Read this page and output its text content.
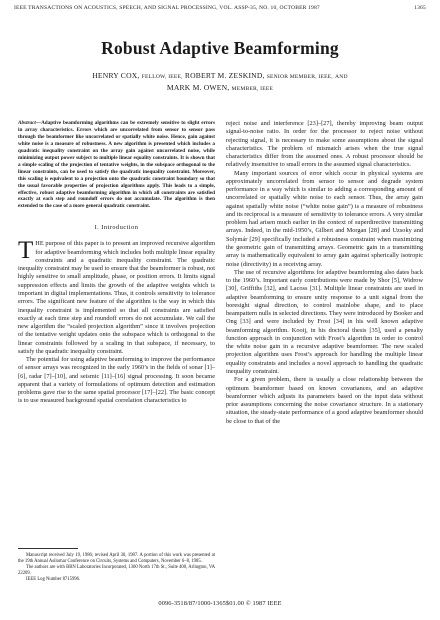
IEEE TRANSACTIONS ON ACOUSTICS, SPEECH, AND SIGNAL PROCESSING, VOL. ASSP-35, NO. 10, OCTOBER 1987	1365
Robust Adaptive Beamforming
HENRY COX, FELLOW, IEEE, ROBERT M. ZESKIND, SENIOR MEMBER, IEEE, AND
MARK M. OWEN, MEMBER, IEEE

Abstract—Adaptive beamforming algorithms can be extremely sensitive to slight errors in array characteristics. Errors which are uncorrelated from sensor to sensor pass through the beamformer like uncorrelated or spatially white noise. Hence, gain against white noise is a measure of robustness. A new algorithm is presented which includes a quadratic inequality constraint on the array gain against uncorrelated noise, while minimizing output power subject to multiple linear equality constraints. It is shown that a simple scaling of the projection of tentative weights, in the subspace orthogonal to the linear constraints, can be used to satisfy the quadratic inequality constraint. Moreover, this scaling is equivalent to a projection onto the quadratic constraint boundary so that the usual favorable properties of projection algorithms apply. This leads to a simple, effective, robust adaptive beamforming algorithm in which all constraints are satisfied exactly at each step and roundoff errors do not accumulate. The algorithm is then extended to the case of a more general quadratic constraint.

I. Introduction

THE purpose of this paper is to present an improved recursive algorithm for adaptive beamforming which includes both multiple linear equality constraints and a quadratic inequality constraint. The quadratic inequality constraint may be used to ensure that the beamformer is robust, not highly sensitive to small amplitude, phase, or position errors. It limits signal suppression effects and limits the growth of the adaptive weights which is important in digital implementations. Thus, it controls sensitivity to tolerance errors. The significant new feature of the algorithm is the way in which this inequality constraint is implemented so that all constraints are satisfied exactly at each time step and roundoff errors do not accumulate. We call the new algorithm the “scaled projection algorithm” since it involves projection of the tentative weight updates onto the subspace which is orthogonal to the linear constraints followed by a scaling in that subspace, if necessary, to satisfy the quadratic inequality constraint.

The potential for using adaptive beamforming to improve the performance of sensor arrays was recognized in the early 1960’s in the fields of sonar [1]–[6], radar [7]–[10], and seismic [11]–[16] signal processing. It soon became apparent that a variety of formulations of optimum detection and estimation problems gave rise to the same spatial processor [17]–[22]. The basic concept is to use measured background spatial correlation characteristics to

Manuscript received July 19, 1986; revised April 30, 1987. A portion of this work was presented at the 19th Annual Asilomar Conference on Circuits, Systems and Computers, November 6–8, 1985.

The authors are with BBN Laboratories Incorporated, 1300 North 17th St., Suite 400, Arlington, VA 22209.

IEEE Log Number 8715996.

reject noise and interference [23]–[27], thereby improving beam output signal-to-noise ratio. In order for the processor to reject noise without rejecting signal, it is necessary to make some assumptions about the signal characteristics. The problem of mismatch arises when the true signal characteristics differ from the assumed ones. A robust processor should be relatively insensitive to small errors in the assumed signal characteristics.

Many important sources of error which occur in physical systems are approximately uncorrelated from sensor to sensor and degrade system performance in a way which is similar to adding a corresponding amount of uncorrelated or spatially white noise to each sensor. Thus, the array gain against spatially white noise (“white noise gain”) is a measure of robustness and its reciprocal is a measure of sensitivity to tolerance errors. A very similar problem had arisen much earlier in the context of superdirective transmitting arrays. Indeed, in the mid-1950’s, Gilbert and Morgan [28] and Uzsoky and Solymár [29] specifically included a robustness constraint when maximizing the geometric gain of transmitting arrays. Geometric gain in a transmitting array is mathematically equivalent to array gain against spherically isotropic noise (directivity) in a receiving array.

The use of recursive algorithms for adaptive beamforming also dates back to the 1960’s. Important early contributions were made by Shor [5], Widrow [30], Griffiths [32], and Lacoss [31]. Multiple linear constraints are used in adaptive beamforming to ensure unity response to a unit signal from the boresight signal direction, to control mainlobe shape, and to place beampattern nulls in selected directions. They were introduced by Booker and Ong [33] and were included by Frost [34] in his well known adaptive beamforming algorithm. Kooij, in his doctoral thesis [35], used a penalty function approach in conjunction with Frost’s algorithm in order to control the white noise gain in a recursive adaptive beamformer. The new scaled projection algorithm uses Frost’s approach for handling the multiple linear equality constraints and includes a novel approach to handling the quadratic inequality constraint.

For a given problem, there is usually a close relationship between the optimum beamformer based on known covariances, and an adaptive beamformer which adjusts its parameters based on the input data without prior assumptions concerning the noise covariance structure. In a stationary situation, the steady-state performance of a good adaptive beamformer should be close to that of the

0096-3518/87/1000-1365$01.00 © 1987 IEEE
